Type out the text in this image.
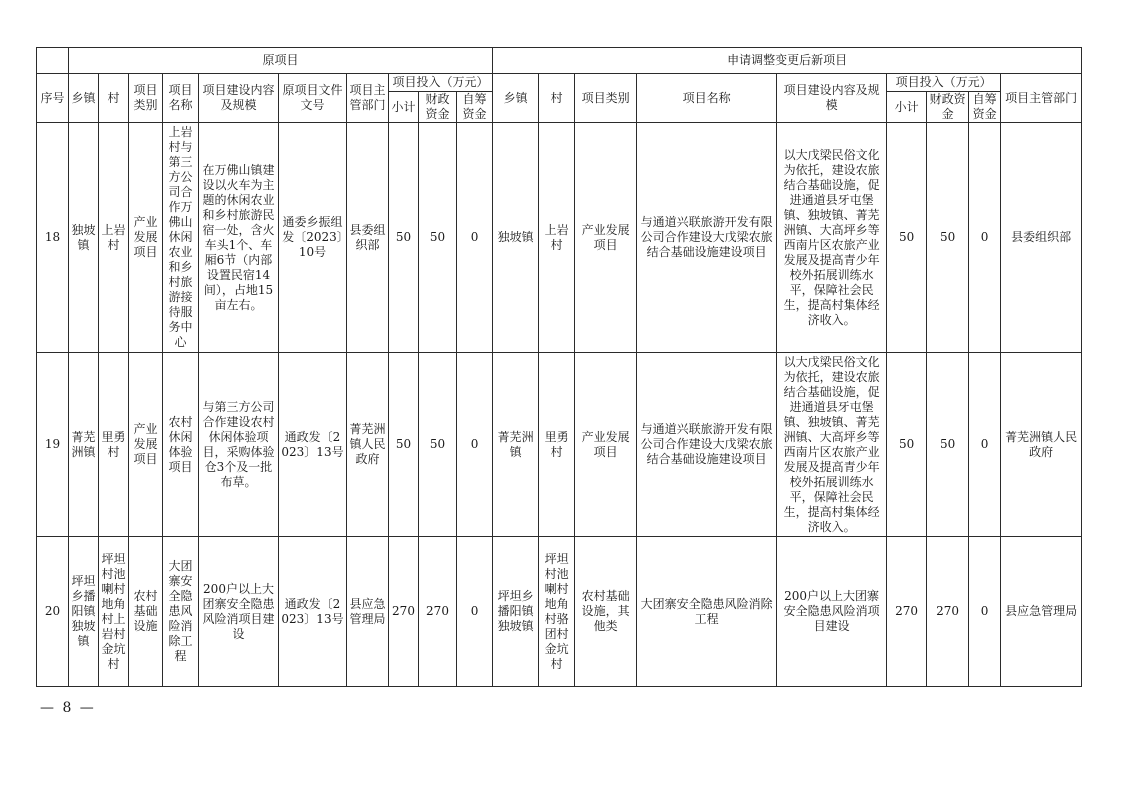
	原项目										申请调整变更后新项目								
序号	乡镇	村	项目类别	项目名称	项目建设内容及规模	原项目文件文号	项目主管部门	项目投入（万元）			乡镇	村	项目类别	项目名称	项目建设内容及规模	项目投入（万元）			项目主管部门
								小计	财政资金	自筹资金						小计	财政资金	自筹资金	
18	独坡镇	上岩村	产业发展项目	上岩村与第三方公司合作万佛山休闲农业和乡村旅游接待服务中心	在万佛山镇建设以火车为主题的休闲农业和乡村旅游民宿一处，含火车头1个、车厢6节（内部设置民宿14间），占地15亩左右。	通委乡振组发〔2023〕10号	县委组织部	50	50	0	独坡镇	上岩村	产业发展项目	与通道兴联旅游开发有限公司合作建设大戊梁农旅结合基础设施建设项目	以大戊梁民俗文化为依托，建设农旅结合基础设施，促进通道县牙屯堡镇、独坡镇、菁芜洲镇、大高坪乡等西南片区农旅产业发展及提高青少年校外拓展训练水平，保障社会民生，提高村集体经济收入。	50	50	0	县委组织部
19	菁芜洲镇	里勇村	产业发展项目	农村休闲体验项目	与第三方公司合作建设农村休闲体验项目，采购体验仓3个及一批布草。	通政发〔2023〕13号	菁芜洲镇人民政府	50	50	0	菁芜洲镇	里勇村	产业发展项目	与通道兴联旅游开发有限公司合作建设大戊梁农旅结合基础设施建设项目	以大戊梁民俗文化为依托，建设农旅结合基础设施，促进通道县牙屯堡镇、独坡镇、菁芜洲镇、大高坪乡等西南片区农旅产业发展及提高青少年校外拓展训练水平，保障社会民生，提高村集体经济收入。	50	50	0	菁芜洲镇人民政府
20	坪坦乡播阳镇独坡镇	坪坦村池喇村地角村上岩村金坑村	农村基础设施	大团寨安全隐患风险消除工程	200户以上大团寨安全隐患风险消项目建设	通政发〔2023〕13号	县应急管理局	270	270	0	坪坦乡播阳镇独坡镇	坪坦村池喇村地角村骆团村金坑村	农村基础设施，其他类	大团寨安全隐患风险消除工程	200户以上大团寨安全隐患风险消项目建设	270	270	0	县应急管理局
— 8 —
